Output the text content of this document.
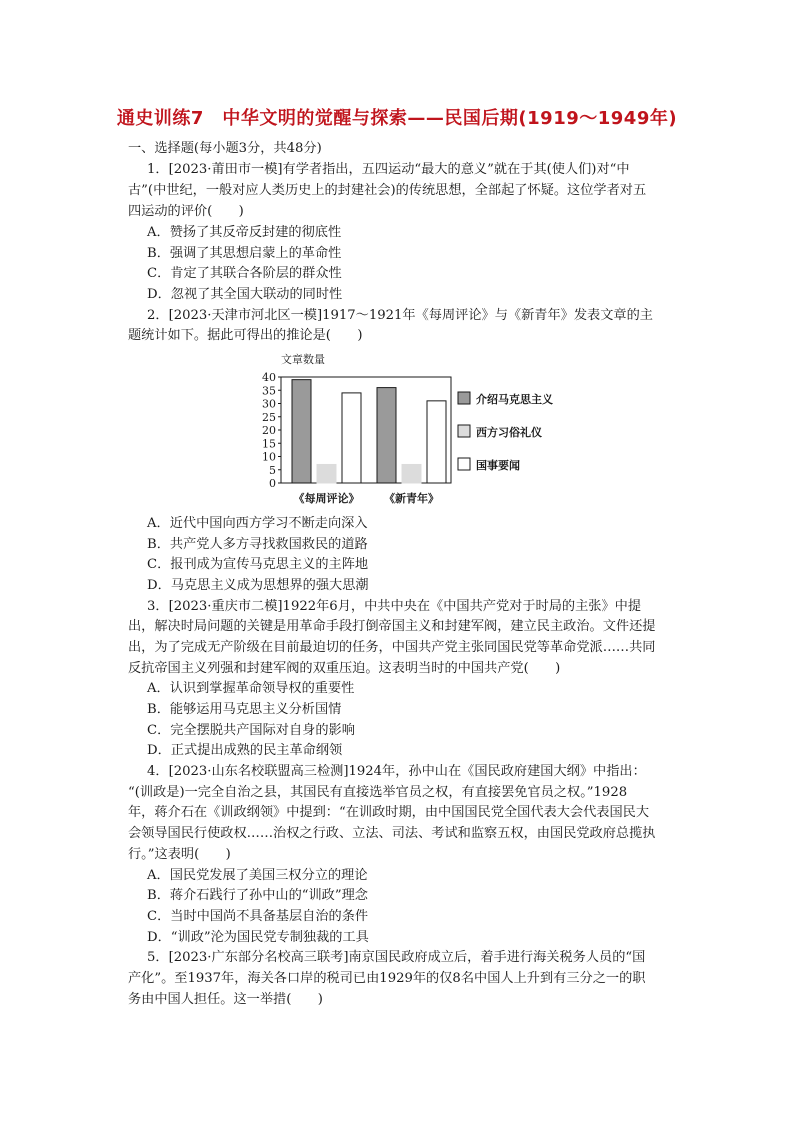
通史训练7　中华文明的觉醒与探索——民国后期(1919～1949年)
一、选择题(每小题3分，共48分)
1．[2023·莆田市一模]有学者指出，五四运动“最大的意义”就在于其(使人们)对“中
古”(中世纪，一般对应人类历史上的封建社会)的传统思想，全部起了怀疑。这位学者对五
四运动的评价(　　)
A．赞扬了其反帝反封建的彻底性
B．强调了其思想启蒙上的革命性
C．肯定了其联合各阶层的群众性
D．忽视了其全国大联动的同时性
2．[2023·天津市河北区一模]1917～1921年《每周评论》与《新青年》发表文章的主
题统计如下。据此可得出的推论是(　　)
文章数量
0
5
10
15
20
25
30
35
40
《每周评论》 《新青年》
介绍马克思主义
西方习俗礼仪
国事要闻
A．近代中国向西方学习不断走向深入
B．共产党人多方寻找救国救民的道路
C．报刊成为宣传马克思主义的主阵地
D．马克思主义成为思想界的强大思潮
3．[2023·重庆市二模]1922年6月，中共中央在《中国共产党对于时局的主张》中提
出，解决时局问题的关键是用革命手段打倒帝国主义和封建军阀，建立民主政治。文件还提
出，为了完成无产阶级在目前最迫切的任务，中国共产党主张同国民党等革命党派……共同
反抗帝国主义列强和封建军阀的双重压迫。这表明当时的中国共产党(　　)
A．认识到掌握革命领导权的重要性
B．能够运用马克思主义分析国情
C．完全摆脱共产国际对自身的影响
D．正式提出成熟的民主革命纲领
4．[2023·山东名校联盟高三检测]1924年，孙中山在《国民政府建国大纲》中指出：
“(训政是)一完全自治之县，其国民有直接选举官员之权，有直接罢免官员之权。”1928
年，蒋介石在《训政纲领》中提到：“在训政时期，由中国国民党全国代表大会代表国民大
会领导国民行使政权……治权之行政、立法、司法、考试和监察五权，由国民党政府总揽执
行。”这表明(　　)
A．国民党发展了美国三权分立的理论
B．蒋介石践行了孙中山的“训政”理念
C．当时中国尚不具备基层自治的条件
D．“训政”沦为国民党专制独裁的工具
5．[2023·广东部分名校高三联考]南京国民政府成立后，着手进行海关税务人员的“国
产化”。至1937年，海关各口岸的税司已由1929年的仅8名中国人上升到有三分之一的职
务由中国人担任。这一举措(　　)
